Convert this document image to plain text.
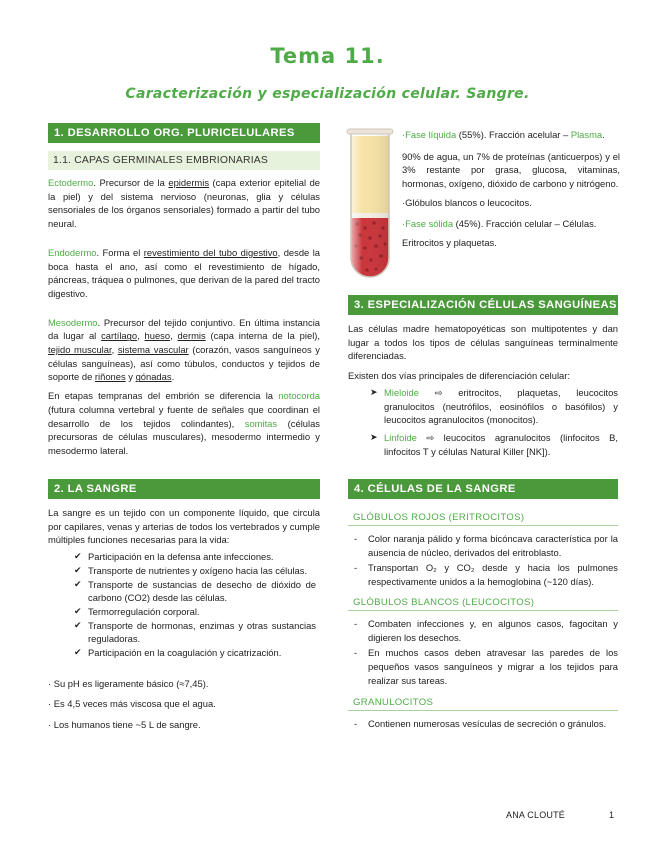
Tema 11.
Caracterización y especialización celular. Sangre.
1. DESARROLLO ORG. PLURICELULARES
1.1. CAPAS GERMINALES EMBRIONARIAS

Ectodermo. Precursor de la epidermis (capa exterior epitelial de la piel) y del sistema nervioso (neuronas, glia y células sensoriales de los órganos sensoriales) formado a partir del tubo neural.

Endodermo. Forma el revestimiento del tubo digestivo, desde la boca hasta el ano, así como el revestimiento de hígado, páncreas, tráquea o pulmones, que derivan de la pared del tracto digestivo.

Mesodermo. Precursor del tejido conjuntivo. En última instancia da lugar al cartílago, hueso, dermis (capa interna de la piel), tejido muscular, sistema vascular (corazón, vasos sanguíneos y células sanguíneas), así como túbulos, conductos y tejidos de soporte de riñones y gónadas.

En etapas tempranas del embrión se diferencia la notocorda (futura columna vertebral y fuente de señales que coordinan el desarrollo de los tejidos colindantes), somitas (células precursoras de células musculares), mesodermo intermedio y mesodermo lateral.

2. LA SANGRE

La sangre es un tejido con un componente líquido, que circula por capilares, venas y arterias de todos los vertebrados y cumple múltiples funciones necesarias para la vida:

✔ Participación en la defensa ante infecciones.
✔ Transporte de nutrientes y oxígeno hacia las células.
✔ Transporte de sustancias de desecho de dióxido de carbono (CO2) desde las células.
✔ Termorregulación corporal.
✔ Transporte de hormonas, enzimas y otras sustancias reguladoras.
✔ Participación en la coagulación y cicatrización.
· Su pH es ligeramente básico (≈7,45).
· Es 4,5 veces más viscosa que el agua.
· Los humanos tiene ~5 L de sangre.
·Fase líquida (55%). Fracción acelular – Plasma.

90% de agua, un 7% de proteínas (anticuerpos) y el 3% restante por grasa, glucosa, vitaminas, hormonas, oxígeno, dióxido de carbono y nitrógeno.

·Glóbulos blancos o leucocitos.
·Fase sólida (45%). Fracción celular – Células.
Eritrocitos y plaquetas.
3. ESPECIALIZACIÓN CÉLULAS SANGUÍNEAS

Las células madre hematopoyéticas son multipotentes y dan lugar a todos los tipos de células sanguíneas terminalmente diferenciadas.

Existen dos vías principales de diferenciación celular:

➤ Mieloide ⇨ eritrocitos, plaquetas, leucocitos granulocitos (neutrófilos, eosinófilos o basófilos) y leucocitos agranulocitos (monocitos).
➤ Linfoide ⇨ leucocitos agranulocitos (linfocitos B, linfocitos T y células Natural Killer [NK]).
4. CÉLULAS DE LA SANGRE
GLÓBULOS ROJOS (ERITROCITOS)
- Color naranja pálido y forma bicóncava característica por la ausencia de núcleo, derivados del eritroblasto.
- Transportan O₂ y CO₂ desde y hacia los pulmones respectivamente unidos a la hemoglobina (~120 días).
GLÓBULOS BLANCOS (LEUCOCITOS)
- Combaten infecciones y, en algunos casos, fagocitan y digieren los desechos.
- En muchos casos deben atravesar las paredes de los pequeños vasos sanguíneos y migrar a los tejidos para realizar sus tareas.
GRANULOCITOS
- Contienen numerosas vesículas de secreción o gránulos.
ANA CLOUTÉ	1
